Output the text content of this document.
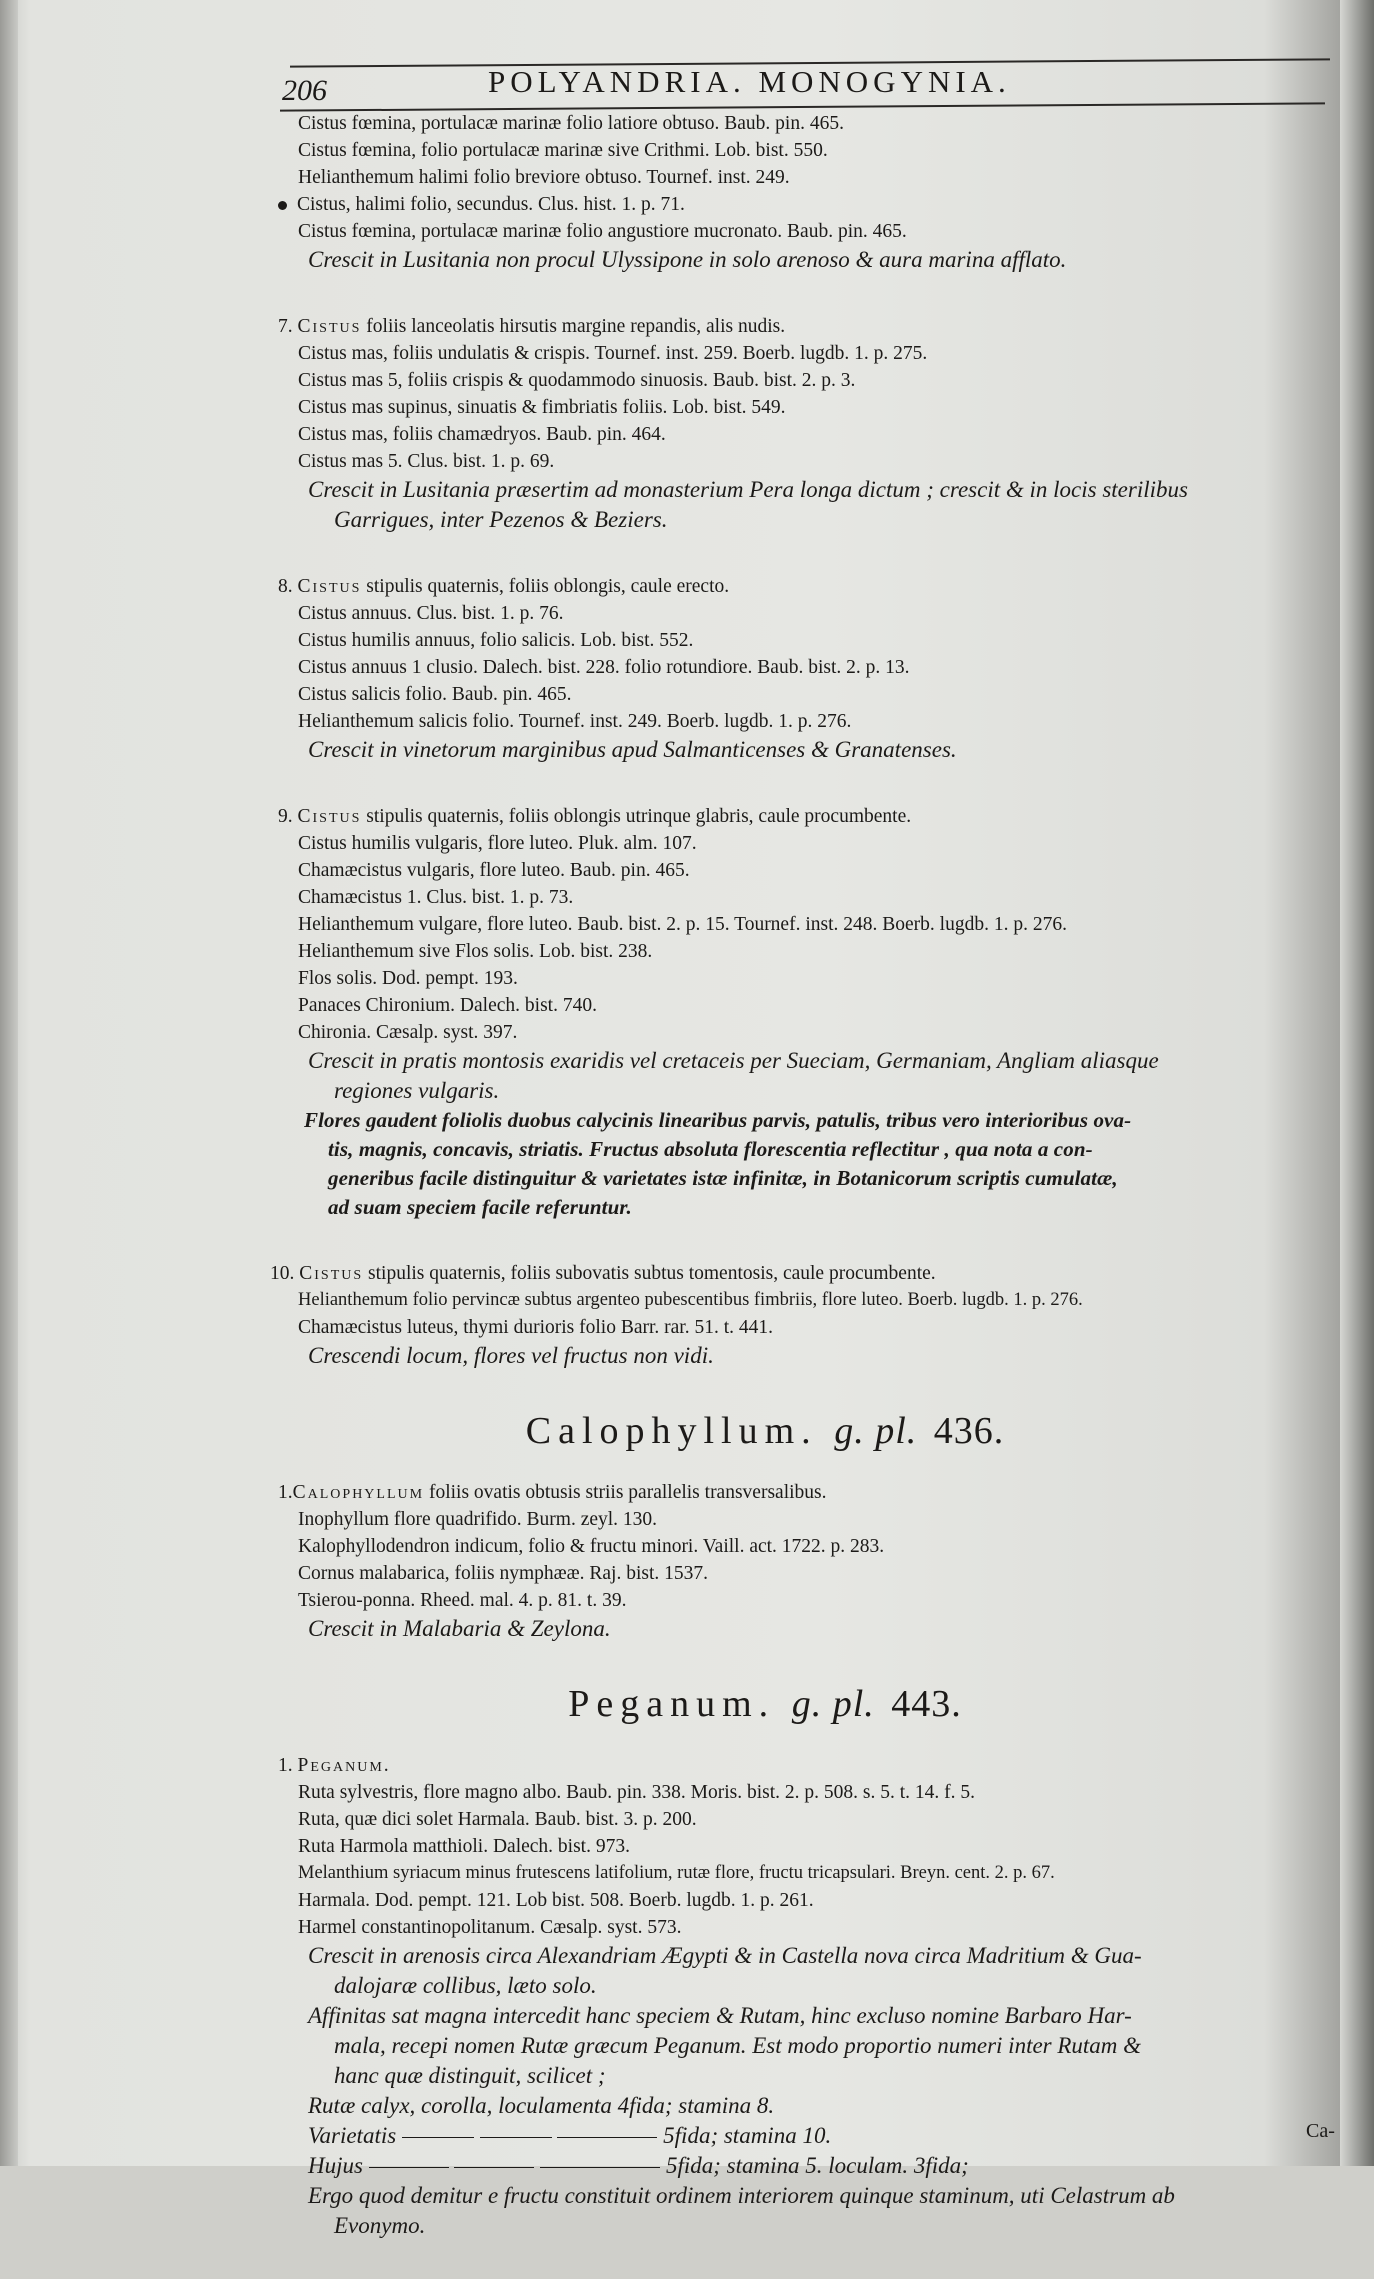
206	POLYANDRIA. MONOGYNIA.
Cistus fœmina, portulacæ marinæ folio latiore obtuso. Baub. pin. 465.
Cistus fœmina, folio portulacæ marinæ sive Crithmi. Lob. bist. 550.
Helianthemum halimi folio breviore obtuso. Tournef. inst. 249.
Cistus, halimi folio, secundus. Clus. hist. 1. p. 71.
Cistus fœmina, portulacæ marinæ folio angustiore mucronato. Baub. pin. 465.
Crescit in Lusitania non procul Ulyssipone in solo arenoso & aura marina afflato.
7. Cistus foliis lanceolatis hirsutis margine repandis, alis nudis.
Cistus mas, foliis undulatis & crispis. Tournef. inst. 259. Boerb. lugdb. 1. p. 275.
Cistus mas 5, foliis crispis & quodammodo sinuosis. Baub. bist. 2. p. 3.
Cistus mas supinus, sinuatis & fimbriatis foliis. Lob. bist. 549.
Cistus mas, foliis chamædryos. Baub. pin. 464.
Cistus mas 5. Clus. bist. 1. p. 69.
Crescit in Lusitania præsertim ad monasterium Pera longa dictum ; crescit & in locis sterilibus
Garrigues, inter Pezenos & Beziers.
8. Cistus stipulis quaternis, foliis oblongis, caule erecto.
Cistus annuus. Clus. bist. 1. p. 76.
Cistus humilis annuus, folio salicis. Lob. bist. 552.
Cistus annuus 1 clusio. Dalech. bist. 228. folio rotundiore. Baub. bist. 2. p. 13.
Cistus salicis folio. Baub. pin. 465.
Helianthemum salicis folio. Tournef. inst. 249. Boerb. lugdb. 1. p. 276.
Crescit in vinetorum marginibus apud Salmanticenses & Granatenses.
9. Cistus stipulis quaternis, foliis oblongis utrinque glabris, caule procumbente.
Cistus humilis vulgaris, flore luteo. Pluk. alm. 107.
Chamæcistus vulgaris, flore luteo. Baub. pin. 465.
Chamæcistus 1. Clus. bist. 1. p. 73.
Helianthemum vulgare, flore luteo. Baub. bist. 2. p. 15. Tournef. inst. 248. Boerb. lugdb. 1. p. 276.
Helianthemum sive Flos solis. Lob. bist. 238.
Flos solis. Dod. pempt. 193.
Panaces Chironium. Dalech. bist. 740.
Chironia. Cæsalp. syst. 397.
Crescit in pratis montosis exaridis vel cretaceis per Sueciam, Germaniam, Angliam aliasque
regiones vulgaris.
Flores gaudent foliolis duobus calycinis linearibus parvis, patulis, tribus vero interioribus ova-
tis, magnis, concavis, striatis. Fructus absoluta florescentia reflectitur , qua nota a con-
generibus facile distinguitur & varietates istæ infinitæ, in Botanicorum scriptis cumulatæ,
ad suam speciem facile referuntur.
10. Cistus stipulis quaternis, foliis subovatis subtus tomentosis, caule procumbente.
Helianthemum folio pervincæ subtus argenteo pubescentibus fimbriis, flore luteo. Boerb. lugdb. 1. p. 276.
Chamæcistus luteus, thymi durioris folio Barr. rar. 51. t. 441.
Crescendi locum, flores vel fructus non vidi.
Calophyllum. g. pl. 436.
1.Calophyllum foliis ovatis obtusis striis parallelis transversalibus.
Inophyllum flore quadrifido. Burm. zeyl. 130.
Kalophyllodendron indicum, folio & fructu minori. Vaill. act. 1722. p. 283.
Cornus malabarica, foliis nymphææ. Raj. bist. 1537.
Tsierou-ponna. Rheed. mal. 4. p. 81. t. 39.
Crescit in Malabaria & Zeylona.
Peganum. g. pl. 443.
1. Peganum.
Ruta sylvestris, flore magno albo. Baub. pin. 338. Moris. bist. 2. p. 508. s. 5. t. 14. f. 5.
Ruta, quæ dici solet Harmala. Baub. bist. 3. p. 200.
Ruta Harmola matthioli. Dalech. bist. 973.
Melanthium syriacum minus frutescens latifolium, rutæ flore, fructu tricapsulari. Breyn. cent. 2. p. 67.
Harmala. Dod. pempt. 121. Lob bist. 508. Boerb. lugdb. 1. p. 261.
Harmel constantinopolitanum. Cæsalp. syst. 573.
Crescit in arenosis circa Alexandriam Ægypti & in Castella nova circa Madritium & Gua-
dalojaræ collibus, læto solo.
Affinitas sat magna intercedit hanc speciem & Rutam, hinc excluso nomine Barbaro Har-
mala, recepi nomen Rutæ græcum Peganum. Est modo proportio numeri inter Rutam &
hanc quæ distinguit, scilicet ;
Rutæ calyx, corolla, loculamenta 4fida; stamina 8.
Varietatis	5fida; stamina 10.
Hujus	5fida; stamina 5. loculam. 3fida;
Ergo quod demitur e fructu constituit ordinem interiorem quinque staminum, uti Celastrum ab
Evonymo.
Ca-
